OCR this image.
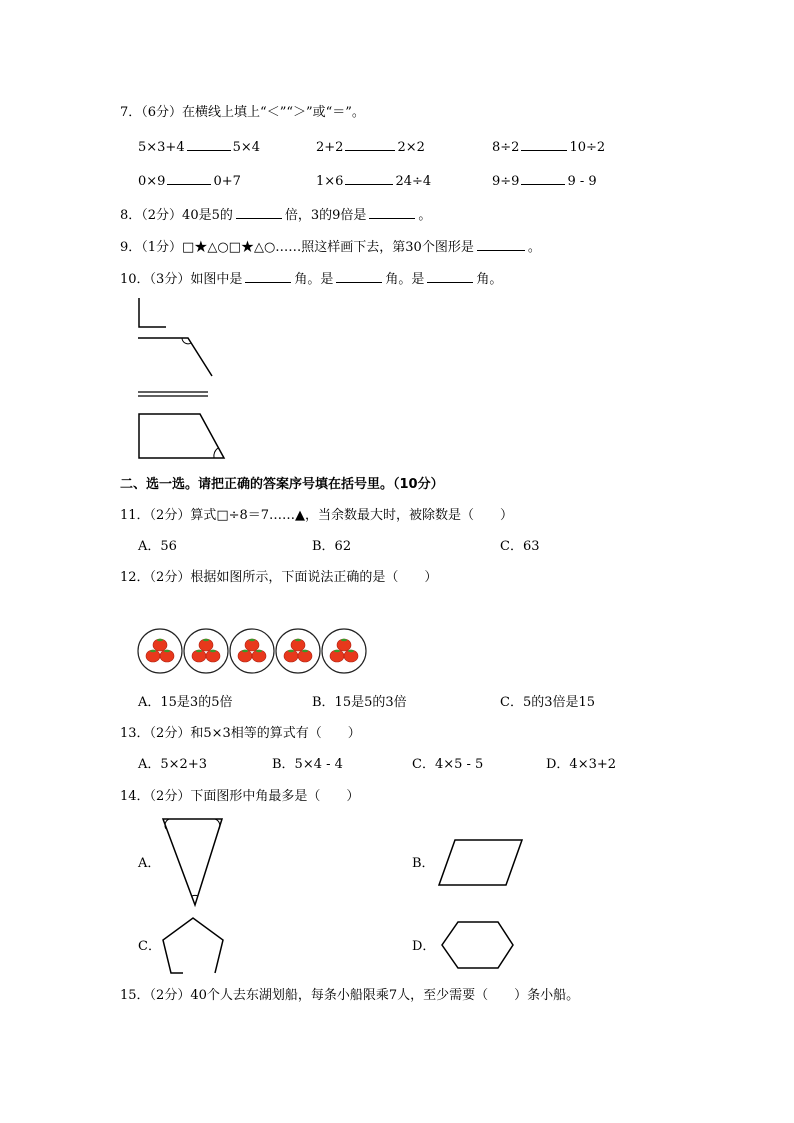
7．（6分）在横线上填上“＜”“＞”或“＝”。
5×3+4	5×4	2+2	2×2	8÷2	10÷2
0×9	0+7	1×6	24÷4	9÷9	9 - 9
8．（2分）40是5的	倍，3的9倍是	。
9．（1分）□★△○□★△○……照这样画下去，第30个图形是	。
10．（3分）如图中是	角。是	角。是	角。
二、选一选。请把正确的答案序号填在括号里。（10分）
11．（2分）算式□÷8＝7……▲，当余数最大时，被除数是（　　）
A．56	B．62	C．63
12．（2分）根据如图所示，下面说法正确的是（　　）
A．15是3的5倍	B．15是5的3倍	C．5的3倍是15
13．（2分）和5×3相等的算式有（　　）
A．5×2+3	B．5×4 - 4	C．4×5 - 5	D．4×3+2
14．（2分）下面图形中角最多是（　　）
A．	B．
C．	D．
15．（2分）40个人去东湖划船，每条小船限乘7人，至少需要（　　）条小船。
